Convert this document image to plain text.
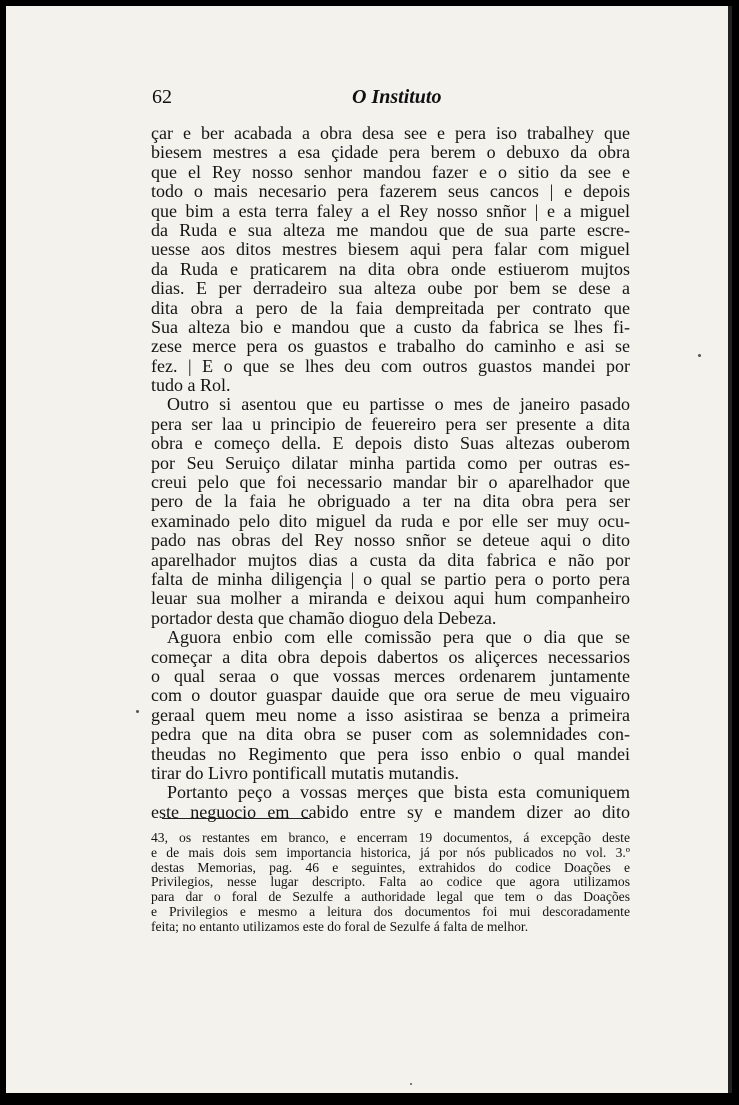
62	O Instituto
çar e ber acabada a obra desa see e pera iso trabalhey que
biesem mestres a esa çidade pera berem o debuxo da obra
que el Rey nosso senhor mandou fazer e o sitio da see e
todo o mais necesario pera fazerem seus cancos | e depois
que bim a esta terra faley a el Rey nosso snñor | e a miguel
da Ruda e sua alteza me mandou que de sua parte escre-
uesse aos ditos mestres biesem aqui pera falar com miguel
da Ruda e praticarem na dita obra onde estiuerom mujtos
dias. E per derradeiro sua alteza oube por bem se dese a
dita obra a pero de la faia dempreitada per contrato que
Sua alteza bio e mandou que a custo da fabrica se lhes fi-
zese merce pera os guastos e trabalho do caminho e asi se
fez. | E o que se lhes deu com outros guastos mandei por
tudo a Rol.
Outro si asentou que eu partisse o mes de janeiro pasado
pera ser laa u principio de feuereiro pera ser presente a dita
obra e começo della. E depois disto Suas altezas ouberom
por Seu Seruiço dilatar minha partida como per outras es-
creui pelo que foi necessario mandar bir o aparelhador que
pero de la faia he obriguado a ter na dita obra pera ser
examinado pelo dito miguel da ruda e por elle ser muy ocu-
pado nas obras del Rey nosso snñor se deteue aqui o dito
aparelhador mujtos dias a custa da dita fabrica e não por
falta de minha diligençia | o qual se partio pera o porto pera
leuar sua molher a miranda e deixou aqui hum companheiro
portador desta que chamão dioguo dela Debeza.
Aguora enbio com elle comissão pera que o dia que se
começar a dita obra depois dabertos os aliçerces necessarios
o qual seraa o que vossas merces ordenarem juntamente
com o doutor guaspar dauide que ora serue de meu viguairo
geraal quem meu nome a isso asistiraa se benza a primeira
pedra que na dita obra se puser com as solemnidades con-
theudas no Regimento que pera isso enbio o qual mandei
tirar do Livro pontificall mutatis mutandis.
Portanto peço a vossas merçes que bista esta comuniquem
este neguocio em cabido entre sy e mandem dizer ao dito
43, os restantes em branco, e encerram 19 documentos, á excepção deste
e de mais dois sem importancia historica, já por nós publicados no vol. 3.º
destas Memorias, pag. 46 e seguintes, extrahidos do codice Doações e
Privilegios, nesse lugar descripto. Falta ao codice que agora utilizamos
para dar o foral de Sezulfe a authoridade legal que tem o das Doações
e Privilegios e mesmo a leitura dos documentos foi mui descoradamente
feita; no entanto utilizamos este do foral de Sezulfe á falta de melhor.
